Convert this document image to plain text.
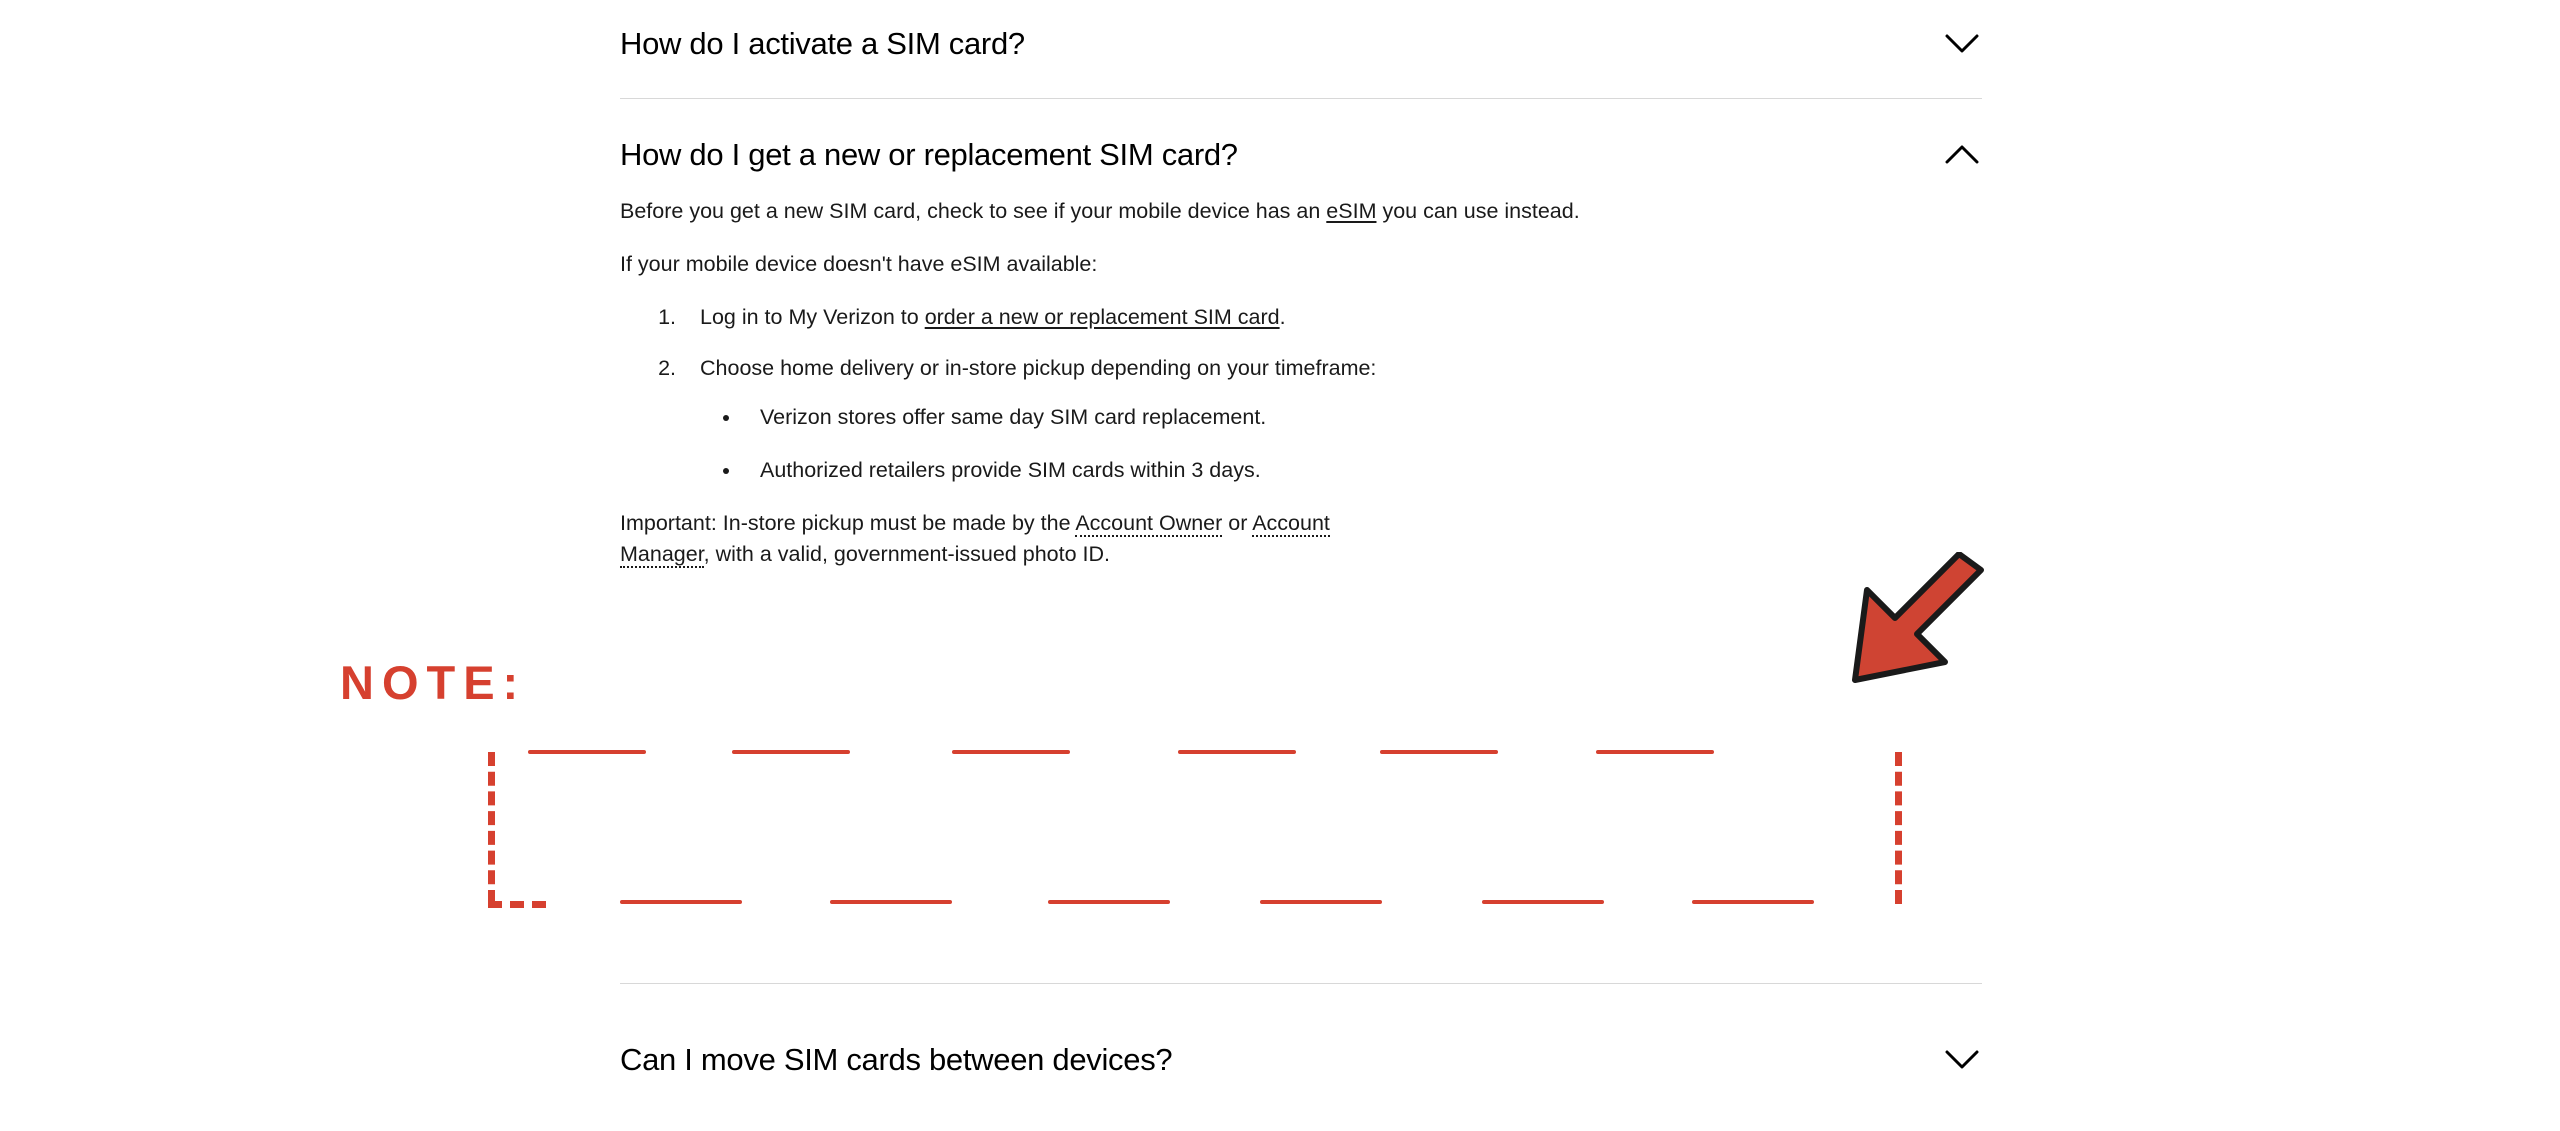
How do I activate a SIM card?
How do I get a new or replacement SIM card?

Before you get a new SIM card, check to see if your mobile device has an eSIM you can use instead.

If your mobile device doesn't have eSIM available:

1. Log in to My Verizon to order a new or replacement SIM card.
2. Choose home delivery or in-store pickup depending on your timeframe:
• Verizon stores offer same day SIM card replacement.
• Authorized retailers provide SIM cards within 3 days.

Important: In-store pickup must be made by the Account Owner or Account Manager, with a valid, government-issued photo ID.

Can I move SIM cards between devices?
NOTE:
